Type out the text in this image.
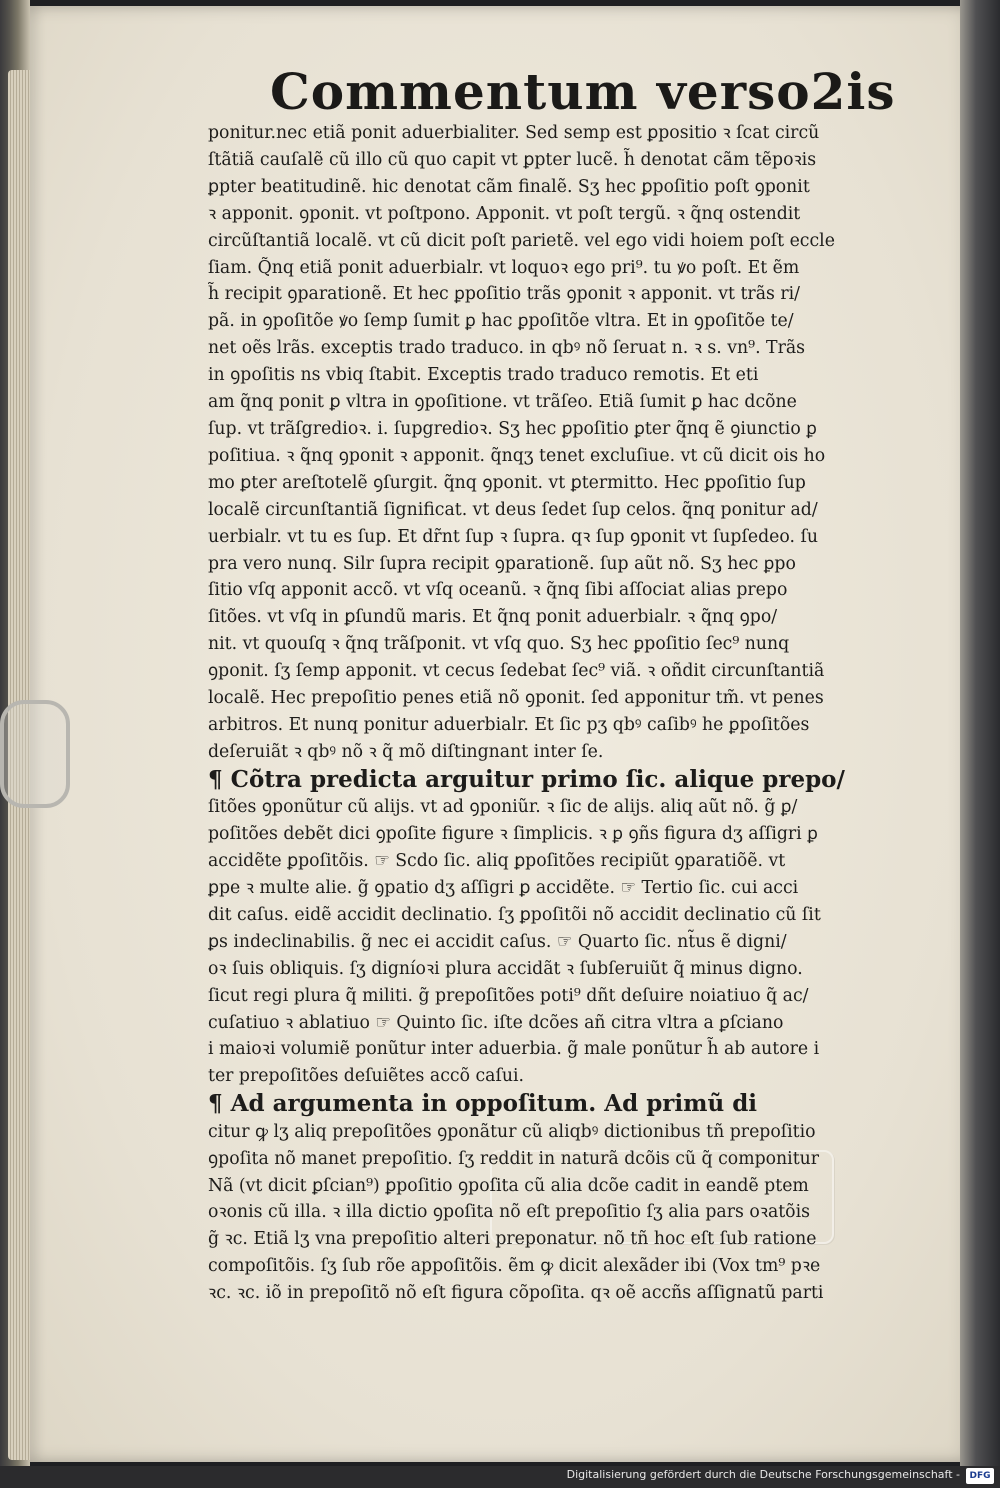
Commentum verso2is
ponitur.nec etiã ponit aduerbialiter. Sed semp est ꝑpositio ꝛ ſcat circũ
ſtãtiã cauſalẽ cũ illo cũ quo capit vt ꝑpter lucẽ. h̃ denotat cãm tẽpoꝛis
ꝑpter beatitudinẽ. hic denotat cãm finalẽ. Sʒ hec ꝑpoſitio poſt ꝯponit
ꝛ apponit. ꝯponit. vt poſtpono. Apponit. vt poſt tergũ. ꝛ q̃nq ostendit
circũſtantiã localẽ. vt cũ dicit poſt parietẽ. vel ego vidi hoiem poſt eccle
ſiam. Q̃nq etiã ponit aduerbialr. vt loquoꝛ ego pri⁹. tu ꝟo poſt. Et ẽm
h̃ recipit ꝯparationẽ. Et hec ꝑpoſitio trãs ꝯponit ꝛ apponit. vt trãs ri/
pã. in ꝯpoſitõe ꝟo ſemp ſumit ꝑ hac ꝑpoſitõe vltra. Et in ꝯpoſitõe te/
net oẽs lrãs. exceptis trado traduco. in qbꝰ nõ ſeruat n. ꝛ s. vn⁹. Trãs
in ꝯpoſitis ns vbiq ſtabit. Exceptis trado traduco remotis. Et eti
am q̃nq ponit ꝑ vltra in ꝯpoſitione. vt trãſeo. Etiã ſumit ꝑ hac dcõne
ſup. vt trãſgredioꝛ. i. ſupgredioꝛ. Sʒ hec ꝑpoſitio ꝑter q̃nq ẽ ꝯiunctio ꝑ
poſitiua. ꝛ q̃nq ꝯponit ꝛ apponit. q̃nqʒ tenet excluſiue. vt cũ dicit ois ho
mo ꝑter areſtotelẽ ꝯſurgit. q̃nq ꝯponit. vt ꝑtermitto. Hec ꝑpoſitio ſup
localẽ circunſtantiã ſignificat. vt deus ſedet ſup celos. q̃nq ponitur ad/
uerbialr. vt tu es ſup. Et dr̃nt ſup ꝛ ſupra. qꝛ ſup ꝯponit vt ſupſedeo. ſu
pra vero nunq. Silr ſupra recipit ꝯparationẽ. ſup aũt nõ. Sʒ hec ꝑpo
ſitio vſq apponit accõ. vt vſq oceanũ. ꝛ q̃nq ſibi aſſociat alias prepo
ſitões. vt vſq in ꝑſundũ maris. Et q̃nq ponit aduerbialr. ꝛ q̃nq ꝯpo/
nit. vt quouſq ꝛ q̃nq trãſponit. vt vſq quo. Sʒ hec ꝑpoſitio ſec⁹ nunq
ꝯponit. ſʒ ſemp apponit. vt cecus ſedebat ſec⁹ viã. ꝛ oñdit circunſtantiã
localẽ. Hec prepoſitio penes etiã nõ ꝯponit. ſed apponitur tm̃. vt penes
arbitros. Et nunq ponitur aduerbialr. Et ſic pʒ qbꝰ caſibꝰ he ꝑpoſitões
deſeruiãt ꝛ qbꝰ nõ ꝛ q̃ mõ diſtingnant inter ſe.
¶ Cõtra predicta arguitur primo ſic. alique prepo/
ſitões ꝯponũtur cũ alijs. vt ad ꝯponiũr. ꝛ ſic de alijs. aliq aũt nõ. g̃ ꝑ/
poſitões debẽt dici ꝯpoſite figure ꝛ ſimplicis. ꝛ ꝑ ꝯñs figura dʒ aſſigri ꝑ
accidẽte ꝑpoſitõis. ☞ Scdo ſic. aliq ꝑpoſitões recipiũt ꝯparatiõẽ. vt
ꝑpe ꝛ multe alie. g̃ ꝯpatio dʒ aſſigri ꝑ accidẽte. ☞ Tertio ſic. cui acci
dit caſus. eidẽ accidit declinatio. ſʒ ꝑpoſitõi nõ accidit declinatio cũ ſit
ꝑs indeclinabilis. g̃ nec ei accidit caſus. ☞ Quarto ſic. nt̃us ẽ digni/
oꝛ ſuis obliquis. ſʒ digníoꝛi plura accidãt ꝛ ſubſeruiũt q̃ minus digno.
ſicut regi plura q̃ militi. g̃ prepoſitões poti⁹ dñt deſuire noiatiuo q̃ ac/
cuſatiuo ꝛ ablatiuo ☞ Quinto ſic. iſte dcões añ citra vltra a ꝑſciano
i maioꝛi volumiẽ ponũtur inter aduerbia. g̃ male ponũtur h̃ ab autore i
ter prepoſitões deſuiẽtes accõ caſui.
¶ Ad argumenta in oppoſitum. Ad primũ di
citur ꝙ lʒ aliq prepoſitões ꝯponãtur cũ aliqbꝰ dictionibus tñ prepoſitio
ꝯpoſita nõ manet prepoſitio. ſʒ reddit in naturã dcõis cũ q̃ componitur
Nã (vt dicit ꝑſcian⁹) ꝑpoſitio ꝯpoſita cũ alia dcõe cadit in eandẽ ptem
oꝛonis cũ illa. ꝛ illa dictio ꝯpoſita nõ eſt prepoſitio ſʒ alia pars oꝛatõis
g̃ ꝛc. Etiã lʒ vna prepoſitio alteri preponatur. nõ tñ hoc eſt ſub ratione
compoſitõis. ſʒ ſub rõe appoſitõis. ẽm ꝙ dicit alexãder ibi (Vox tm⁹ pꝛe
ꝛc. ꝛc. iõ in prepoſitõ nõ eſt figura cõpoſita. qꝛ oẽ accñs aſſignatũ parti
Digitalisierung gefördert durch die Deutsche Forschungsgemeinschaft -	DFG
